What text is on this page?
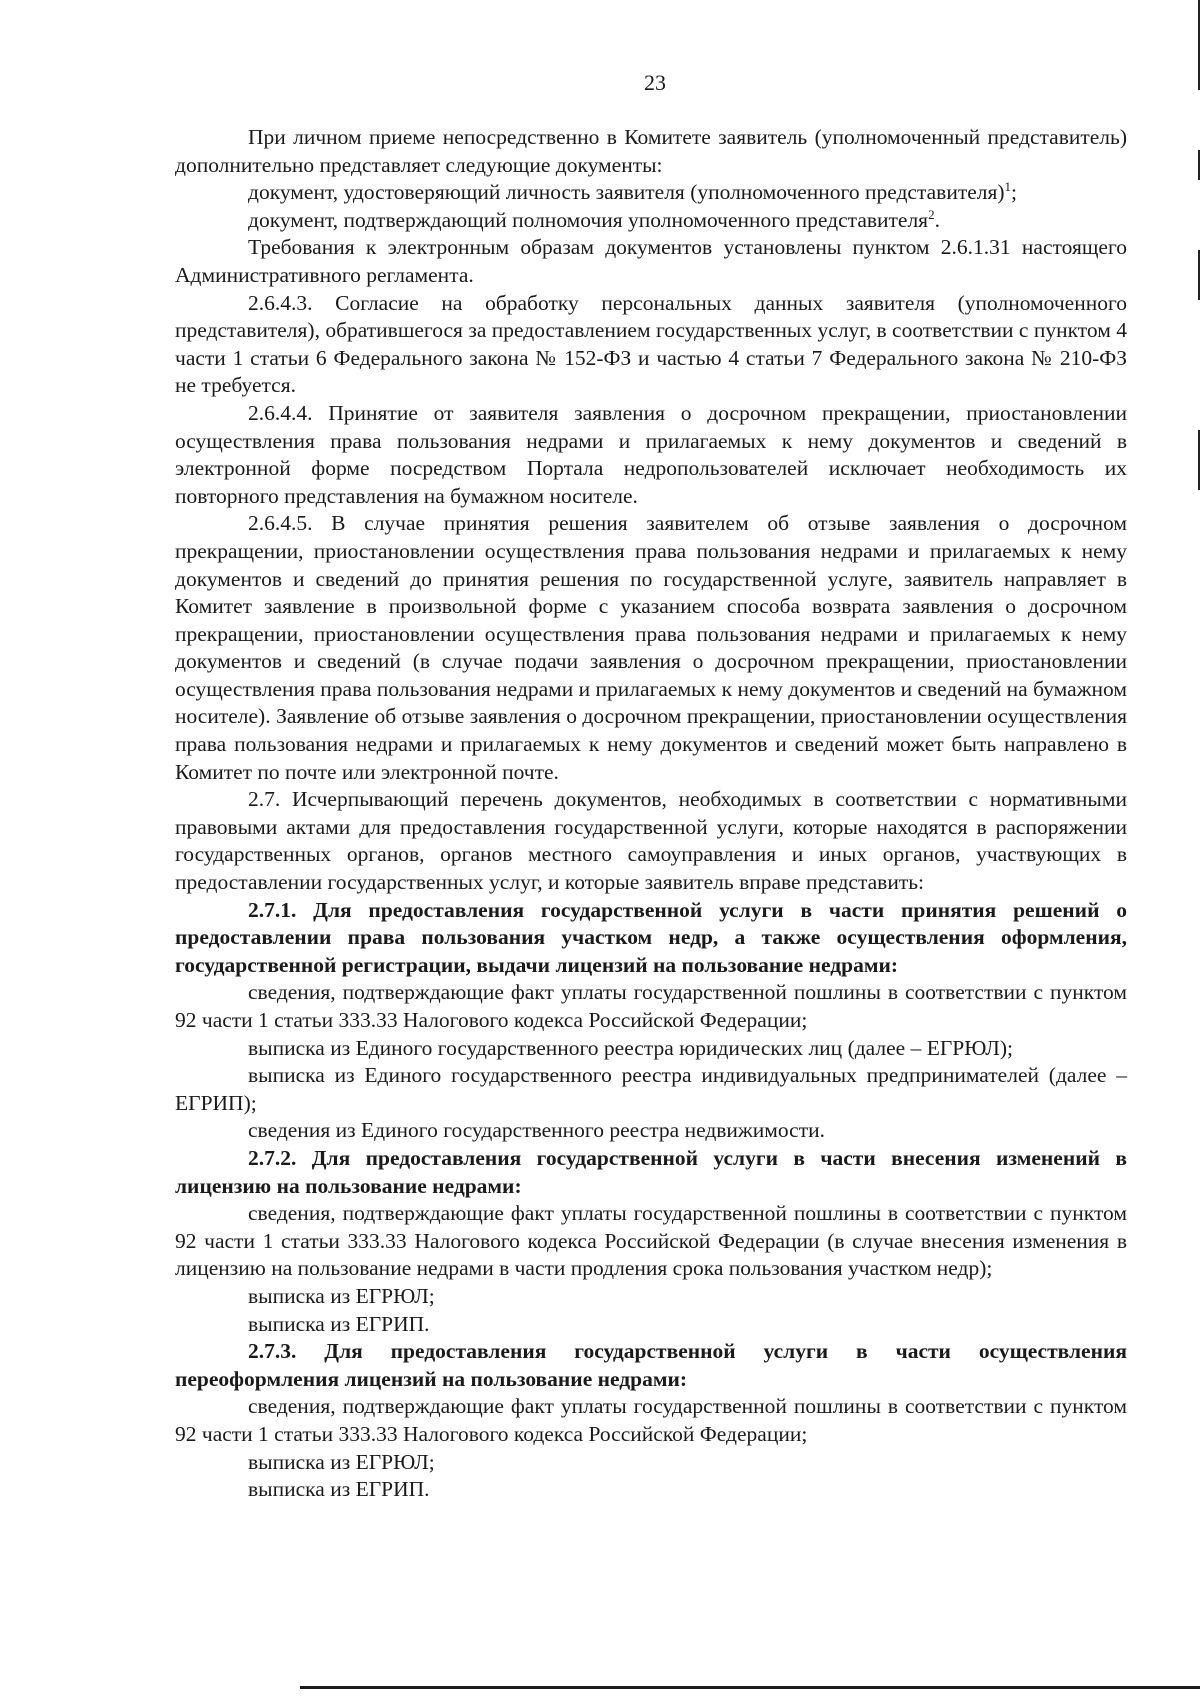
23

При личном приеме непосредственно в Комитете заявитель (уполномоченный представитель) дополнительно представляет следующие документы:

документ, удостоверяющий личность заявителя (уполномоченного представителя)$^1$;

документ, подтверждающий полномочия уполномоченного представителя$^2$.

Требования к электронным образам документов установлены пунктом 2.6.1.31 настоящего Административного регламента.

2.6.4.3. Согласие на обработку персональных данных заявителя (уполномоченного представителя), обратившегося за предоставлением государственных услуг, в соответствии с пунктом 4 части 1 статьи 6 Федерального закона № 152-ФЗ и частью 4 статьи 7 Федерального закона № 210-ФЗ не требуется.

2.6.4.4. Принятие от заявителя заявления о досрочном прекращении, приостановлении осуществления права пользования недрами и прилагаемых к нему документов и сведений в электронной форме посредством Портала недропользователей исключает необходимость их повторного представления на бумажном носителе.

2.6.4.5. В случае принятия решения заявителем об отзыве заявления о досрочном прекращении, приостановлении осуществления права пользования недрами и прилагаемых к нему документов и сведений до принятия решения по государственной услуге, заявитель направляет в Комитет заявление в произвольной форме с указанием способа возврата заявления о досрочном прекращении, приостановлении осуществления права пользования недрами и прилагаемых к нему документов и сведений (в случае подачи заявления о досрочном прекращении, приостановлении осуществления права пользования недрами и прилагаемых к нему документов и сведений на бумажном носителе). Заявление об отзыве заявления о досрочном прекращении, приостановлении осуществления права пользования недрами и прилагаемых к нему документов и сведений может быть направлено в Комитет по почте или электронной почте.

2.7. Исчерпывающий перечень документов, необходимых в соответствии с нормативными правовыми актами для предоставления государственной услуги, которые находятся в распоряжении государственных органов, органов местного самоуправления и иных органов, участвующих в предоставлении государственных услуг, и которые заявитель вправе представить:

2.7.1. Для предоставления государственной услуги в части принятия решений о предоставлении права пользования участком недр, а также осуществления оформления, государственной регистрации, выдачи лицензий на пользование недрами:

сведения, подтверждающие факт уплаты государственной пошлины в соответствии с пунктом 92 части 1 статьи 333.33 Налогового кодекса Российской Федерации;

выписка из Единого государственного реестра юридических лиц (далее – ЕГРЮЛ);

выписка из Единого государственного реестра индивидуальных предпринимателей (далее – ЕГРИП);

сведения из Единого государственного реестра недвижимости.

2.7.2. Для предоставления государственной услуги в части внесения изменений в лицензию на пользование недрами:

сведения, подтверждающие факт уплаты государственной пошлины в соответствии с пунктом 92 части 1 статьи 333.33 Налогового кодекса Российской Федерации (в случае внесения изменения в лицензию на пользование недрами в части продления срока пользования участком недр);

выписка из ЕГРЮЛ;

выписка из ЕГРИП.

2.7.3. Для предоставления государственной услуги в части осуществления переоформления лицензий на пользование недрами:

сведения, подтверждающие факт уплаты государственной пошлины в соответствии с пунктом 92 части 1 статьи 333.33 Налогового кодекса Российской Федерации;

выписка из ЕГРЮЛ;

выписка из ЕГРИП.
